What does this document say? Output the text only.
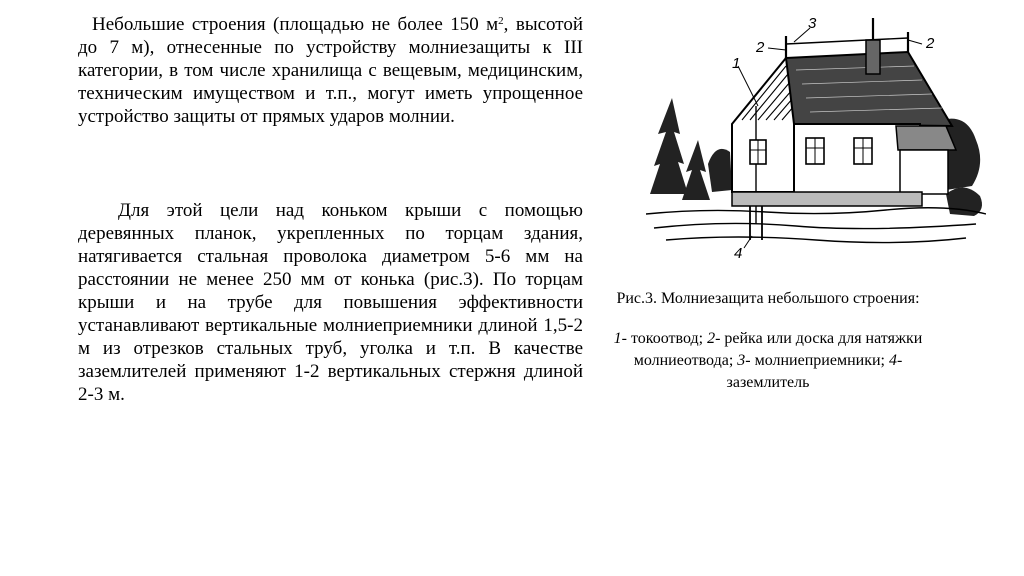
Небольшие строения (площадью не более 150 $м^2$, высотой до 7 м), отнесенные по устройству молниезащиты к III категории, в том числе хранилища с вещевым, медицинским, техническим имуществом и т.п., могут иметь упрощенное устройство защиты от прямых ударов молнии.

Для этой цели над коньком крыши с помощью деревянных планок, укрепленных по торцам здания, натягивается стальная проволока диаметром 5-6 мм на расстоянии не менее 250 мм от конька (рис.3). По торцам крыши и на трубе для повышения эффективности устанавливают вертикальные молниеприемники длиной 1,5-2 м из отрезков стальных труб, уголка и т.п. В качестве заземлителей применяют 1-2 вертикальных стержня длиной 2-3 м.

1
2	2
3
4
Рис.3. Молниезащита небольшого строения:
1- токоотвод; 2- рейка или доска для натяжки молниеотвода; 3- молниеприемники; 4- заземлитель
